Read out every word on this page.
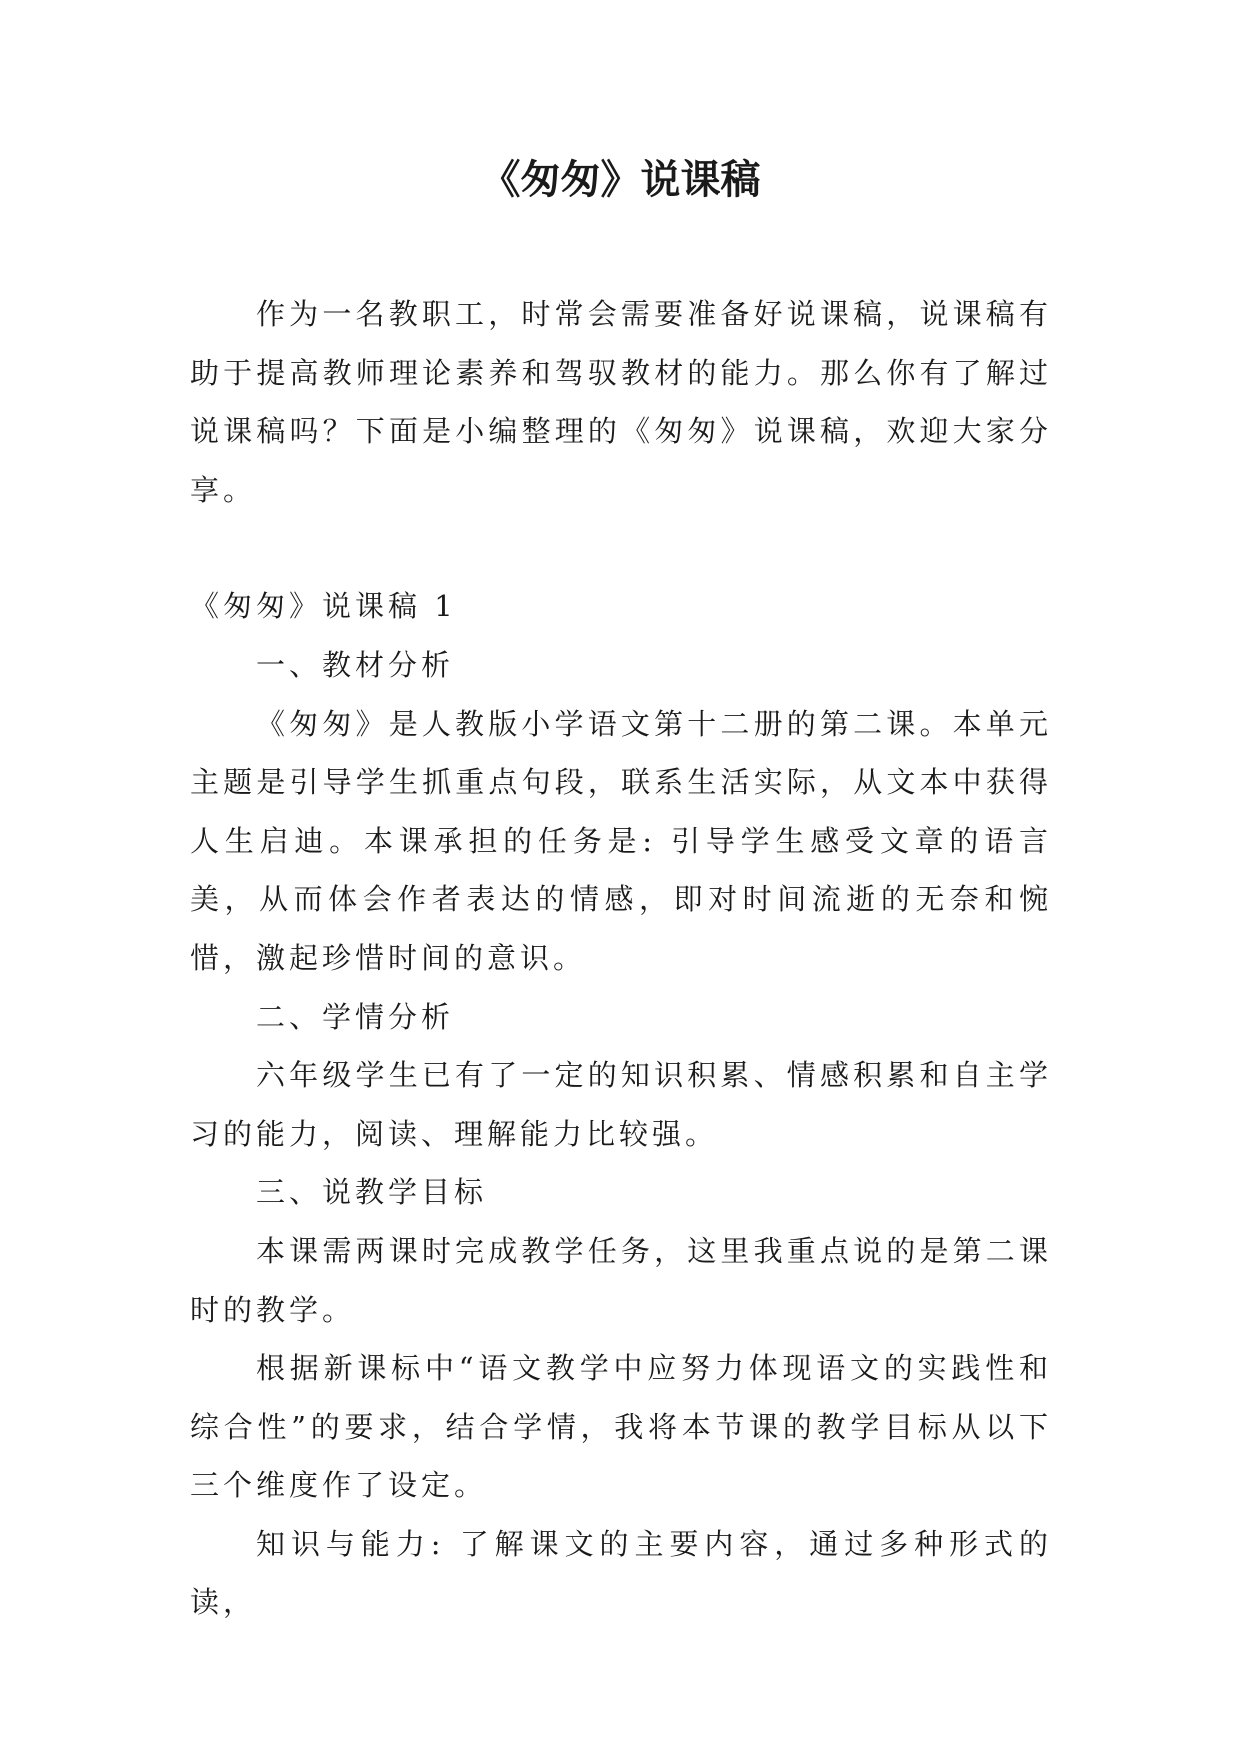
《匆匆》说课稿

作为一名教职工，时常会需要准备好说课稿，说课稿有助于提高教师理论素养和驾驭教材的能力。那么你有了解过说课稿吗？下面是小编整理的《匆匆》说课稿，欢迎大家分享。

《匆匆》说课稿 1

一、教材分析

《匆匆》是人教版小学语文第十二册的第二课。本单元主题是引导学生抓重点句段，联系生活实际，从文本中获得人生启迪。本课承担的任务是: 引导学生感受文章的语言美，从而体会作者表达的情感，即对时间流逝的无奈和惋惜，激起珍惜时间的意识。

二、学情分析

六年级学生已有了一定的知识积累、情感积累和自主学习的能力，阅读、理解能力比较强。

三、说教学目标

本课需两课时完成教学任务，这里我重点说的是第二课时的教学。

根据新课标中“语文教学中应努力体现语文的实践性和综合性”的要求，结合学情，我将本节课的教学目标从以下三个维度作了设定。

知识与能力: 了解课文的主要内容，通过多种形式的读，
